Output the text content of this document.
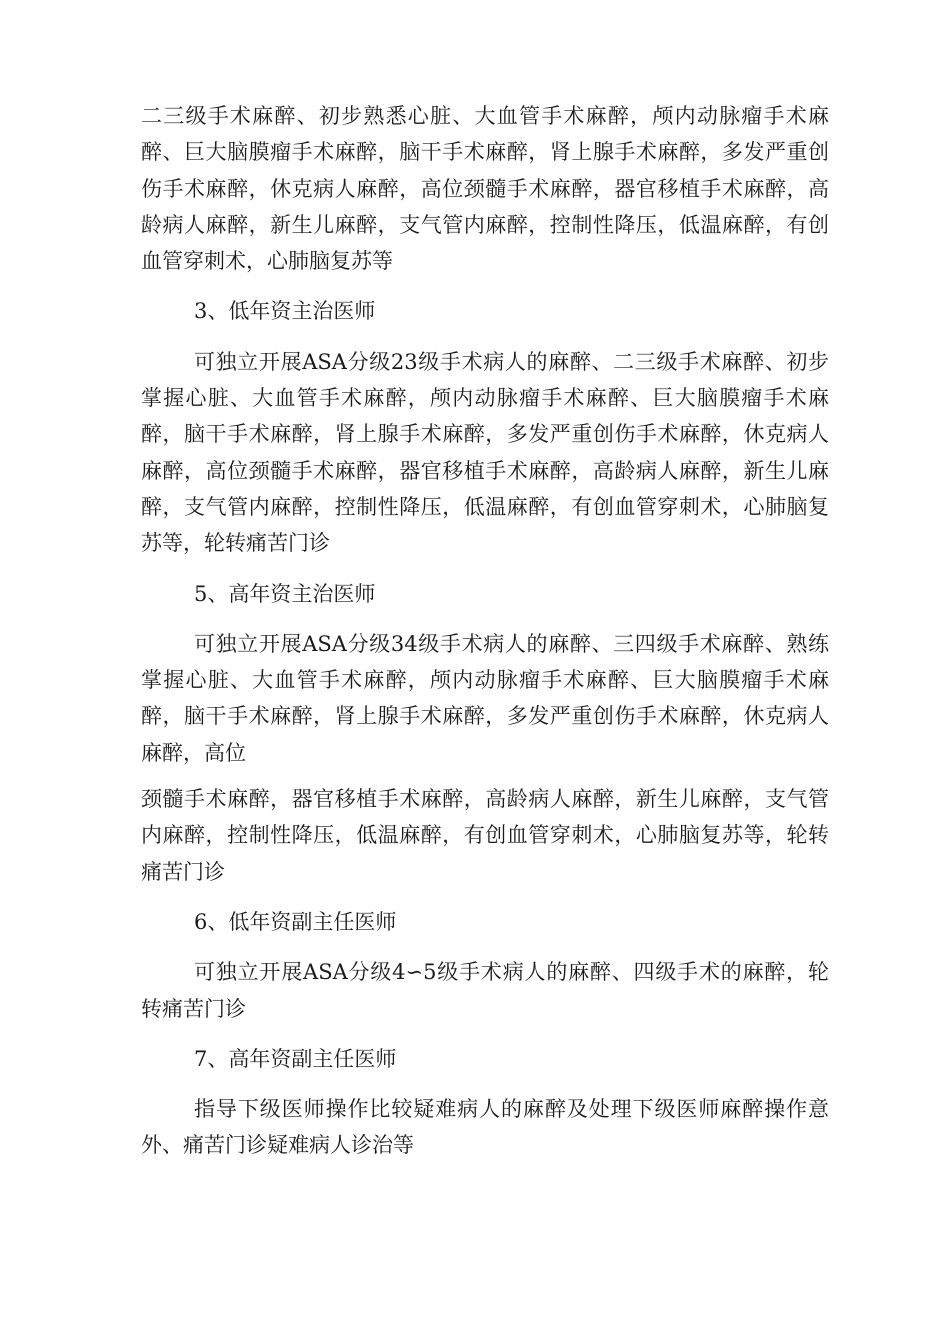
二三级手术麻醉、初步熟悉心脏、大血管手术麻醉，颅内动脉瘤手术麻醉、巨大脑膜瘤手术麻醉，脑干手术麻醉，肾上腺手术麻醉，多发严重创伤手术麻醉，休克病人麻醉，高位颈髓手术麻醉，器官移植手术麻醉，高龄病人麻醉，新生儿麻醉，支气管内麻醉，控制性降压，低温麻醉，有创血管穿刺术，心肺脑复苏等

3、低年资主治医师

可独立开展ASA分级23级手术病人的麻醉、二三级手术麻醉、初步掌握心脏、大血管手术麻醉，颅内动脉瘤手术麻醉、巨大脑膜瘤手术麻醉，脑干手术麻醉，肾上腺手术麻醉，多发严重创伤手术麻醉，休克病人麻醉，高位颈髓手术麻醉，器官移植手术麻醉，高龄病人麻醉，新生儿麻醉，支气管内麻醉，控制性降压，低温麻醉，有创血管穿刺术，心肺脑复苏等，轮转痛苦门诊

5、高年资主治医师

可独立开展ASA分级34级手术病人的麻醉、三四级手术麻醉、熟练掌握心脏、大血管手术麻醉，颅内动脉瘤手术麻醉、巨大脑膜瘤手术麻醉，脑干手术麻醉，肾上腺手术麻醉，多发严重创伤手术麻醉，休克病人麻醉，高位

颈髓手术麻醉，器官移植手术麻醉，高龄病人麻醉，新生儿麻醉，支气管内麻醉，控制性降压，低温麻醉，有创血管穿刺术，心肺脑复苏等，轮转痛苦门诊

6、低年资副主任医师

可独立开展ASA分级4∽5级手术病人的麻醉、四级手术的麻醉，轮转痛苦门诊

7、高年资副主任医师

指导下级医师操作比较疑难病人的麻醉及处理下级医师麻醉操作意外、痛苦门诊疑难病人诊治等
